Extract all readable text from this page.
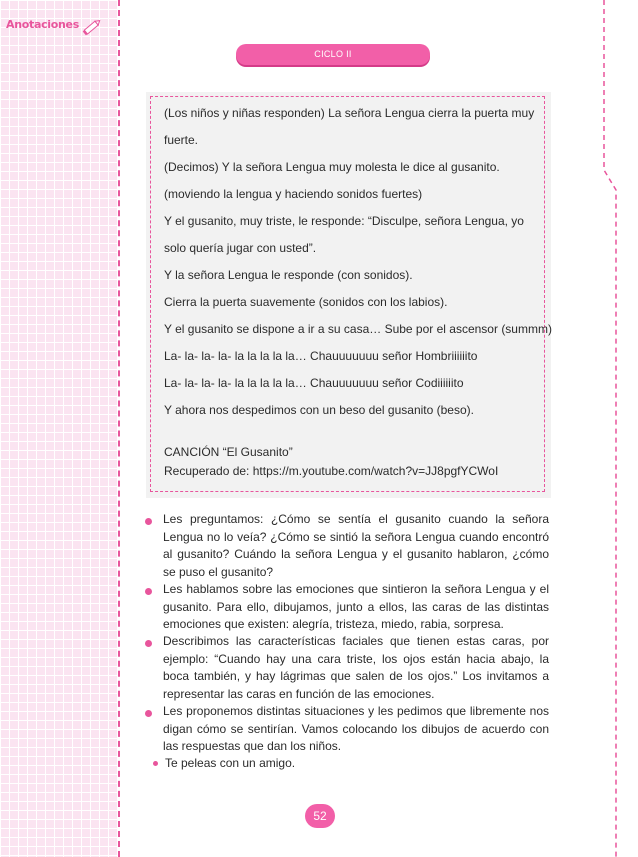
Anotaciones
CICLO II
(Los niños y niñas responden) La señora Lengua cierra la puerta muy
fuerte.
(Decimos) Y la señora Lengua muy molesta le dice al gusanito.
(moviendo la lengua y haciendo sonidos fuertes)
Y el gusanito, muy triste, le responde: “Disculpe, señora Lengua, yo
solo quería jugar con usted”.
Y la señora Lengua le responde (con sonidos).
Cierra la puerta suavemente (sonidos con los labios).
Y el gusanito se dispone a ir a su casa… Sube por el ascensor (summm)
La- la- la- la- la la la la la… Chauuuuuuu señor Hombriiiiiito
La- la- la- la- la la la la la… Chauuuuuuu señor Codiiiiiito
Y ahora nos despedimos con un beso del gusanito (beso).
CANCIÓN “El Gusanito”
Recuperado de: https://m.youtube.com/watch?v=JJ8pgfYCWoI
Les preguntamos: ¿Cómo se sentía el gusanito cuando la señora Lengua no lo veía? ¿Cómo se sintió la señora Lengua cuando encontró al gusanito? Cuándo la señora Lengua y el gusanito hablaron, ¿cómo se puso el gusanito?
Les hablamos sobre las emociones que sintieron la señora Lengua y el gusanito. Para ello, dibujamos, junto a ellos, las caras de las distintas emociones que existen: alegría, tristeza, miedo, rabia, sorpresa.
Describimos las características faciales que tienen estas caras, por ejemplo: “Cuando hay una cara triste, los ojos están hacia abajo, la boca también, y hay lágrimas que salen de los ojos.” Los invitamos a representar las caras en función de las emociones.
Les proponemos distintas situaciones y les pedimos que libremente nos digan cómo se sentirían. Vamos colocando los dibujos de acuerdo con las respuestas que dan los niños.
Te peleas con un amigo.
52
